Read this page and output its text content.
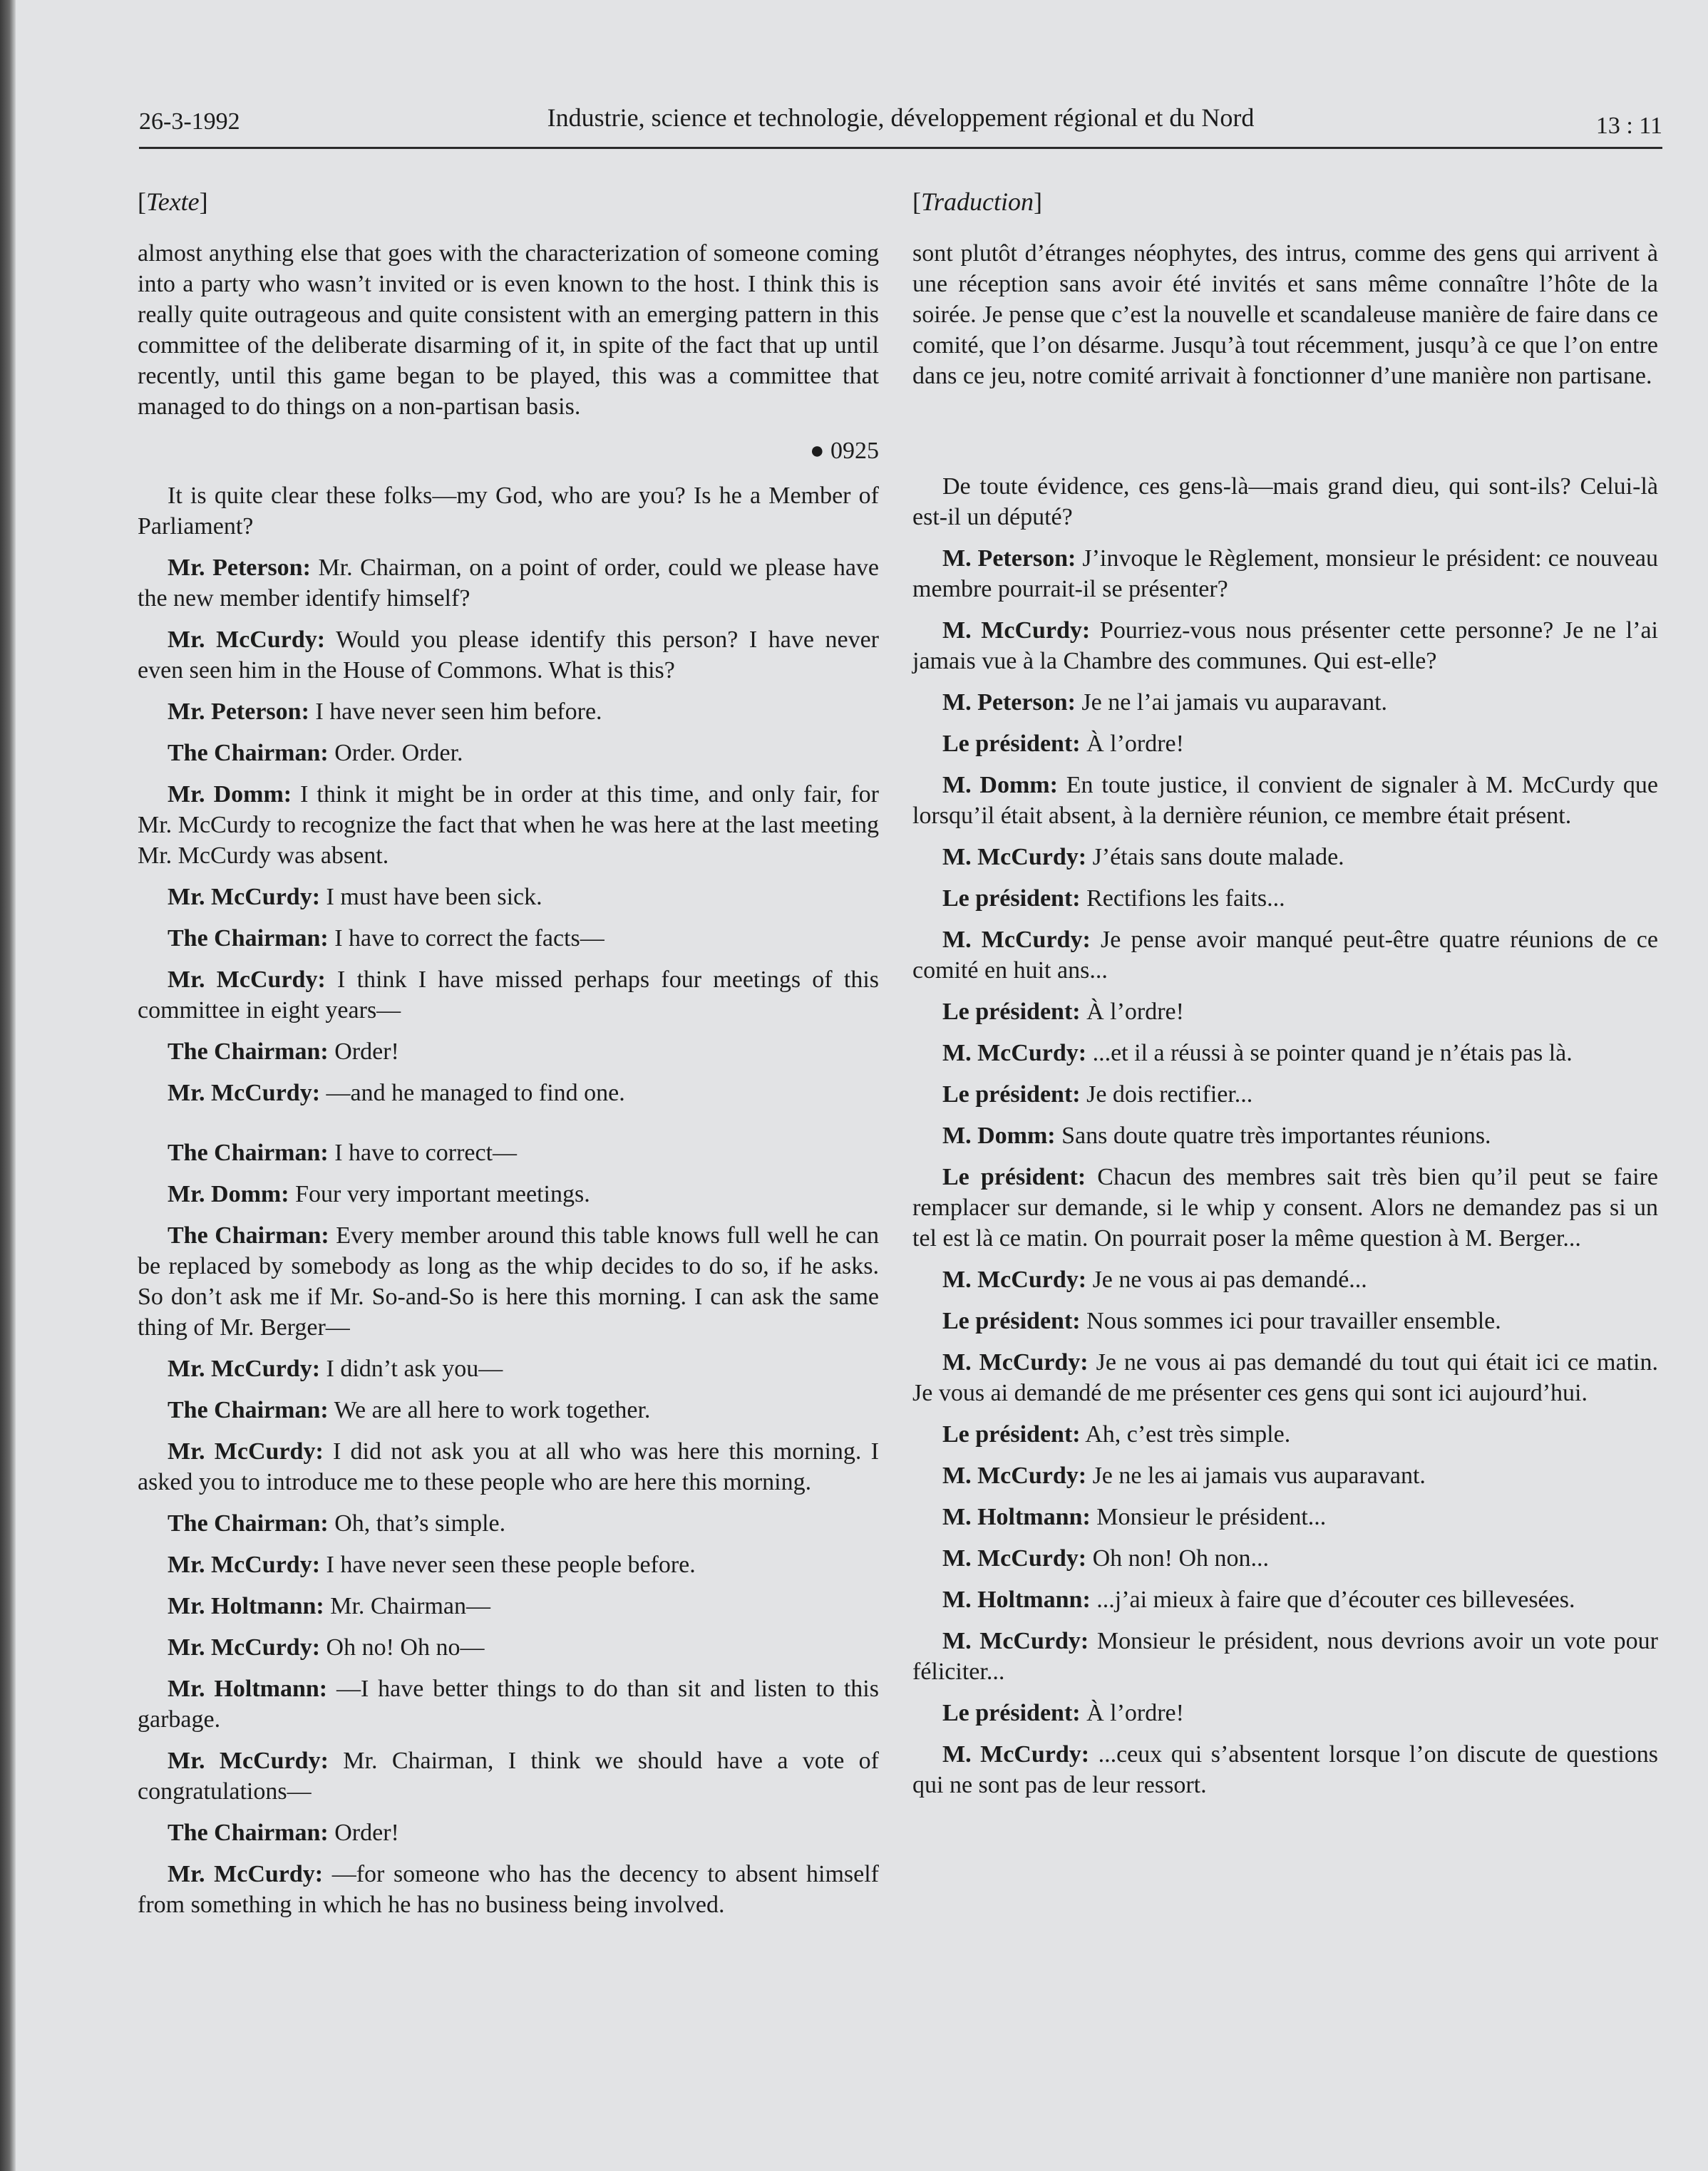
26-3-1992	Industrie, science et technologie, développement régional et du Nord	13 : 11
[Texte]

almost anything else that goes with the characterization of someone coming into a party who wasn’t invited or is even known to the host. I think this is really quite outrageous and quite consistent with an emerging pattern in this committee of the deliberate disarming of it, in spite of the fact that up until recently, until this game began to be played, this was a committee that managed to do things on a non-partisan basis.

● 0925

It is quite clear these folks—my God, who are you? Is he a Member of Parliament?

Mr. Peterson: Mr. Chairman, on a point of order, could we please have the new member identify himself?

Mr. McCurdy: Would you please identify this person? I have never even seen him in the House of Commons. What is this?

Mr. Peterson: I have never seen him before.

The Chairman: Order. Order.

Mr. Domm: I think it might be in order at this time, and only fair, for Mr. McCurdy to recognize the fact that when he was here at the last meeting Mr. McCurdy was absent.

Mr. McCurdy: I must have been sick.

The Chairman: I have to correct the facts—

Mr. McCurdy: I think I have missed perhaps four meetings of this committee in eight years—

The Chairman: Order!

Mr. McCurdy: —and he managed to find one.

The Chairman: I have to correct—

Mr. Domm: Four very important meetings.

The Chairman: Every member around this table knows full well he can be replaced by somebody as long as the whip decides to do so, if he asks. So don’t ask me if Mr. So-and-So is here this morning. I can ask the same thing of Mr. Berger—

Mr. McCurdy: I didn’t ask you—

The Chairman: We are all here to work together.

Mr. McCurdy: I did not ask you at all who was here this morning. I asked you to introduce me to these people who are here this morning.

The Chairman: Oh, that’s simple.

Mr. McCurdy: I have never seen these people before.

Mr. Holtmann: Mr. Chairman—

Mr. McCurdy: Oh no! Oh no—

Mr. Holtmann: —I have better things to do than sit and listen to this garbage.

Mr. McCurdy: Mr. Chairman, I think we should have a vote of congratulations—

The Chairman: Order!

Mr. McCurdy: —for someone who has the decency to absent himself from something in which he has no business being involved.

[Traduction]

sont plutôt d’étranges néophytes, des intrus, comme des gens qui arrivent à une réception sans avoir été invités et sans même connaître l’hôte de la soirée. Je pense que c’est la nouvelle et scandaleuse manière de faire dans ce comité, que l’on désarme. Jusqu’à tout récemment, jusqu’à ce que l’on entre dans ce jeu, notre comité arrivait à fonctionner d’une manière non partisane.

De toute évidence, ces gens-là—mais grand dieu, qui sont-ils? Celui-là est-il un député?

M. Peterson: J’invoque le Règlement, monsieur le président: ce nouveau membre pourrait-il se présenter?

M. McCurdy: Pourriez-vous nous présenter cette personne? Je ne l’ai jamais vue à la Chambre des communes. Qui est-elle?

M. Peterson: Je ne l’ai jamais vu auparavant.

Le président: À l’ordre!

M. Domm: En toute justice, il convient de signaler à M. McCurdy que lorsqu’il était absent, à la dernière réunion, ce membre était présent.

M. McCurdy: J’étais sans doute malade.

Le président: Rectifions les faits...

M. McCurdy: Je pense avoir manqué peut-être quatre réunions de ce comité en huit ans...

Le président: À l’ordre!

M. McCurdy: ...et il a réussi à se pointer quand je n’étais pas là.

Le président: Je dois rectifier...

M. Domm: Sans doute quatre très importantes réunions.

Le président: Chacun des membres sait très bien qu’il peut se faire remplacer sur demande, si le whip y consent. Alors ne demandez pas si un tel est là ce matin. On pourrait poser la même question à M. Berger...

M. McCurdy: Je ne vous ai pas demandé...

Le président: Nous sommes ici pour travailler ensemble.

M. McCurdy: Je ne vous ai pas demandé du tout qui était ici ce matin. Je vous ai demandé de me présenter ces gens qui sont ici aujourd’hui.

Le président: Ah, c’est très simple.

M. McCurdy: Je ne les ai jamais vus auparavant.

M. Holtmann: Monsieur le président...

M. McCurdy: Oh non! Oh non...

M. Holtmann: ...j’ai mieux à faire que d’écouter ces billevesées.

M. McCurdy: Monsieur le président, nous devrions avoir un vote pour féliciter...

Le président: À l’ordre!

M. McCurdy: ...ceux qui s’absentent lorsque l’on discute de questions qui ne sont pas de leur ressort.
